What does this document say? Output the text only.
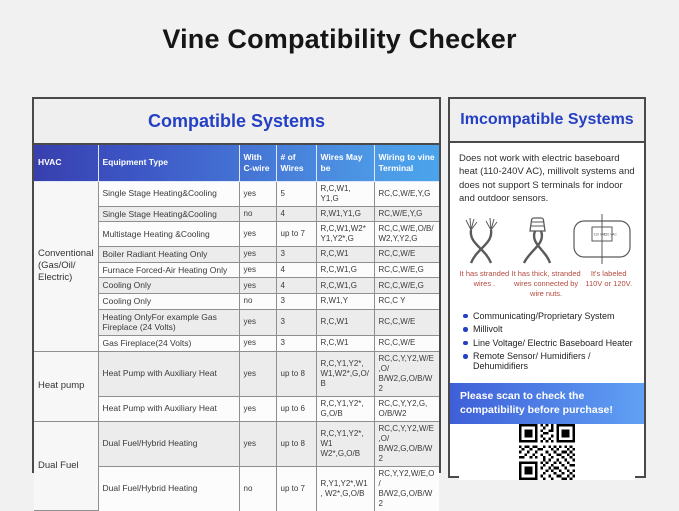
Vine Compatibility Checker
Compatible Systems
HVAC	Equipment Type	With C-wire	# of Wires	Wires May be	Wiring to vine Terminal
Conventional (Gas/Oil/ Electric)	Single Stage Heating&Cooling	yes	5	R,C,W1, Y1,G	RC,C,W/E,Y,G
	Single Stage Heating&Cooling	no	4	R,W1,Y1,G	RC,W/E,Y,G
	Multistage Heating &Cooling	yes	up to 7	R,C,W1,W2* Y1,Y2*,G	RC,C,W/E,O/B/ W2,Y,Y2,G
	Boiler Radiant Heating Only	yes	3	R,C,W1	RC,C,W/E
	Furnace Forced-Air Heating Only	yes	4	R,C,W1,G	RC,C,W/E,G
	Cooling Only	yes	4	R,C,W1,G	RC,C,W/E,G
	Cooling Only	no	3	R,W1,Y	RC,C Y
	Heating OnlyFor example Gas Fireplace (24 Volts)	yes	3	R,C,W1	RC,C,W/E
	Gas Fireplace(24 Volts)	yes	3	R,C,W1	RC,C,W/E
Heat pump	Heat Pump with Auxiliary Heat	yes	up to 8	R,C,Y1,Y2*, W1,W2*,G,O/B	RC,C,Y,Y2,W/E,O/ B/W2,G,O/B/W2
	Heat Pump with Auxiliary Heat	yes	up to 6	R,C,Y1,Y2*, G,O/B	RC,C,Y,Y2,G, O/B/W2
Dual Fuel	Dual Fuel/Hybrid Heating	yes	up to 8	R,C,Y1,Y2*,W1 W2*,G,O/B	RC,C,Y,Y2,W/E,O/ B/W2,G,O/B/W2
	Dual Fuel/Hybrid Heating	no	up to 7	R,Y1,Y2*,W1, W2*,G,O/B	RC,Y,Y2,W/E,O/ B/W2,G,O/B/W2
Imcompatible Systems

Does not work with electric baseboard heat (110-240V AC), millivolt systems and does not support S terminals for indoor and outdoor sensors.

110 VAC
120 VAC
It has stranded wires .
It has thick, stranded wires connected by wire nuts.
It's labeled 110V or 120V.
Communicating/Proprietary System
Millivolt
Line Voltage/ Electric Baseboard Heater
Remote Sensor/ Humidifiers / Dehumidifiers
Please scan to check the compatibility before purchase!
